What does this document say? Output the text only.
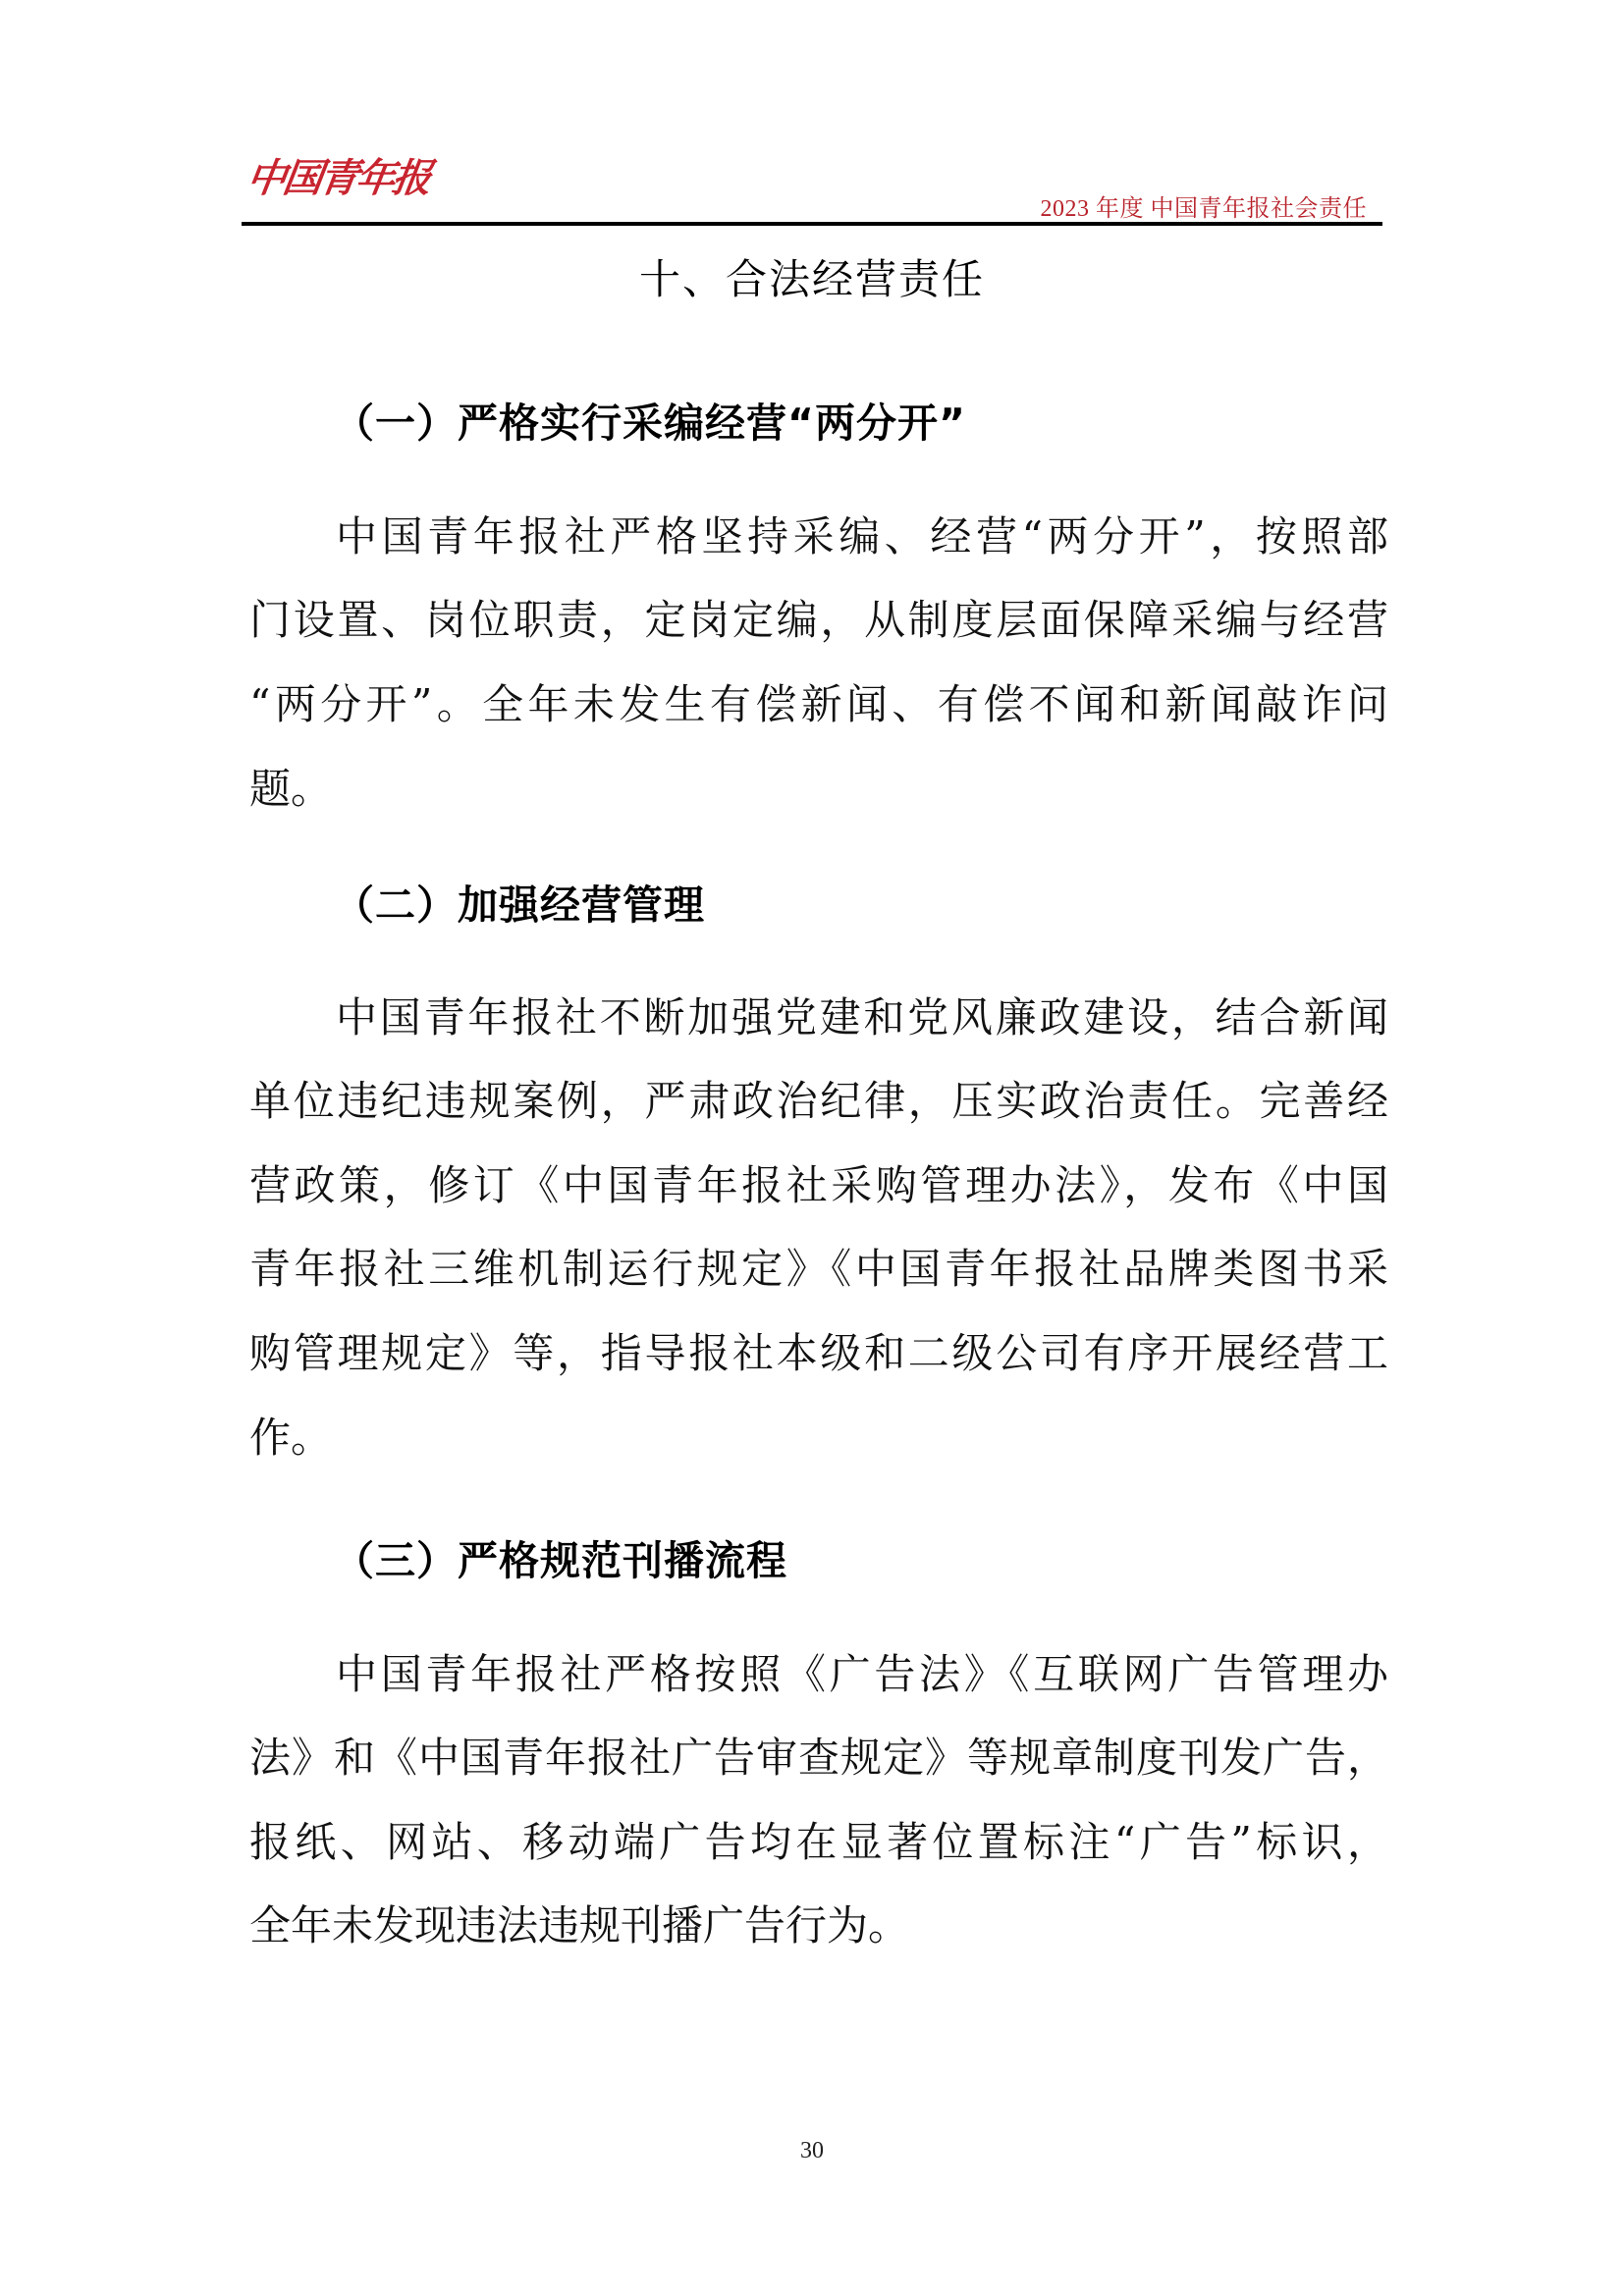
中国青年报
2023 年度 中国青年报社会责任
十、合法经营责任
（一）严格实行采编经营“两分开”
中国青年报社严格坚持采编、经营“两分开”，按照部
门设置、岗位职责，定岗定编，从制度层面保障采编与经营
“两分开”。全年未发生有偿新闻、有偿不闻和新闻敲诈问
题。
（二）加强经营管理
中国青年报社不断加强党建和党风廉政建设，结合新闻
单位违纪违规案例，严肃政治纪律，压实政治责任。完善经
营政策，修订《中国青年报社采购管理办法》，发布《中国
青年报社三维机制运行规定》《中国青年报社品牌类图书采
购管理规定》等，指导报社本级和二级公司有序开展经营工
作。
（三）严格规范刊播流程
中国青年报社严格按照《广告法》《互联网广告管理办
法》和《中国青年报社广告审查规定》等规章制度刊发广告，
报纸、网站、移动端广告均在显著位置标注“广告”标识，
全年未发现违法违规刊播广告行为。
30
